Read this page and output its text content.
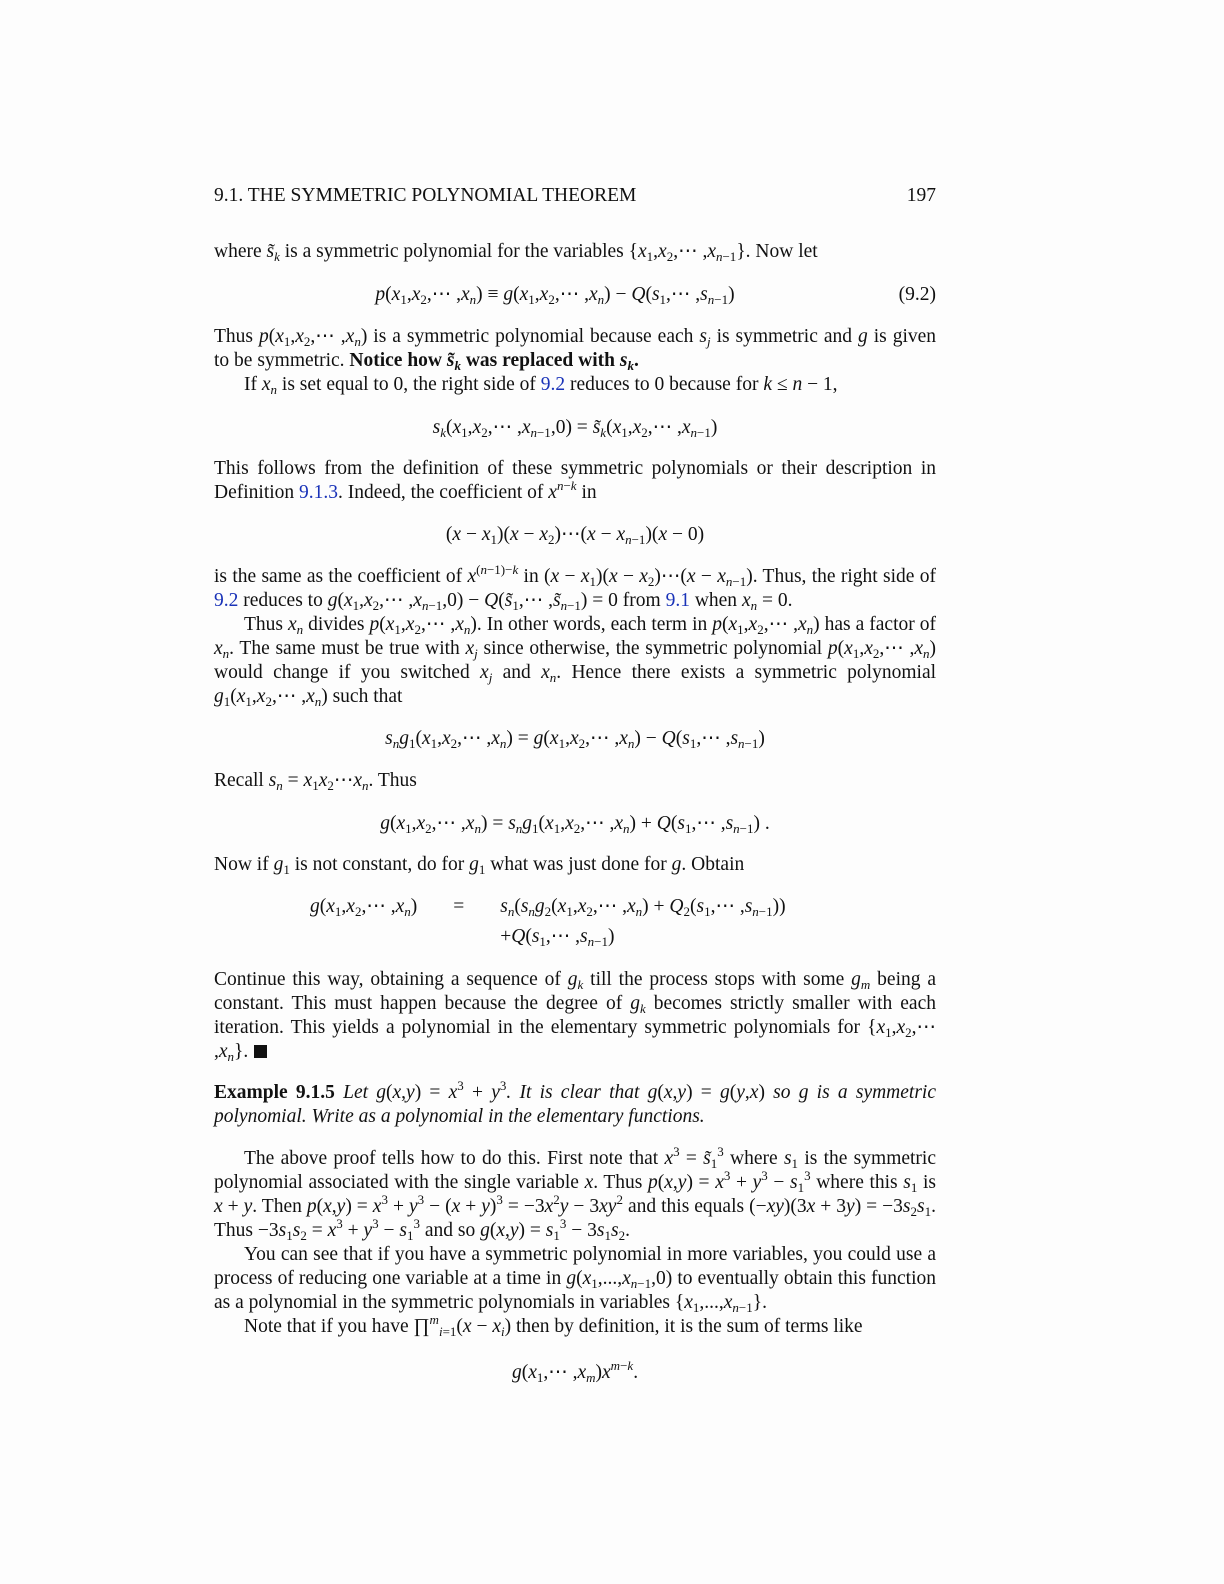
9.1. THE SYMMETRIC POLYNOMIAL THEOREM	197
where $s̃_k$ is a symmetric polynomial for the variables {$x_1,x_2,\cdots$ $,x_{n-1}$}. Now let
$p(x_1,x_2,\cdots$ $,x_n$) ≡ $g(x_1,x_2,\cdots$ $,x_n$) − $Q(s_1,\cdots$ $,s_{n-1}$)	(9.2)
Thus $p(x_1,x_2,\cdots$ $,x_n$) is a symmetric polynomial because each $s_j$ is symmetric and g is given to be symmetric. Notice how $s̃_k$ was replaced with $s_k$.
If $x_n$ is set equal to 0, the right side of 9.2 reduces to 0 because for k ≤ n − 1,
$s_k(x_1,x_2,\cdots$ $,x_{n-1},0$) = $s̃_k(x_1,x_2,\cdots$ $,x_{n-1}$)
This follows from the definition of these symmetric polynomials or their description in Definition 9.1.3. Indeed, the coefficient of $x^{n-k}$ in
$(x - x_1)(x$ − $x_2)\cdots(x - x_{n-1})(x - 0)$
is the same as the coefficient of $x^{(n-1)-k}$ in $(x - x_1)(x$ − $x_2)\cdots(x - x_{n-1})$. Thus, the right side of 9.2 reduces to $g(x_1,x_2,\cdots$ $,x_{n-1},0$) − $Q(s̃_1,\cdots$ $,s̃_{n-1}) = 0$ from 9.1 when $x_n = 0$.
Thus $x_n$ divides $p(x_1,x_2,\cdots$ $,x_n$). In other words, each term in $p(x_1,x_2,\cdots$ $,x_n$) has a factor of $x_n$. The same must be true with $x_j$ since otherwise, the symmetric polynomial $p(x_1,x_2,\cdots$ $,x_n$) would change if you switched $x_j$ and $x_n$. Hence there exists a symmetric polynomial $g_1(x_1,x_2,\cdots$ $,x_n$) such that
$s_ng_1(x_1,x_2,\cdots$ $,x_n$) = $g(x_1,x_2,\cdots$ $,x_n$) − $Q(s_1,\cdots$ $,s_{n-1}$)
Recall $s_n$ = $x_1x_2\cdots x_n$. Thus
$g(x_1,x_2,\cdots$ $,x_n$) = $s_ng_1(x_1,x_2,\cdots$ $,x_n$) + $Q(s_1,\cdots$ $,s_{n-1}$) .
Now if $g_1$ is not constant, do for $g_1$ what was just done for g. Obtain
$g(x_1,x_2,\cdots$ $,x_n$)	=	$s_n(s_ng_2(x_1,x_2,\cdots$ $,x_n$) + $Q_2(s_1,\cdots$ $,s_{n-1}$))
		$+Q(s_1,\cdots$ $,s_{n-1}$)
Continue this way, obtaining a sequence of $g_k$ till the process stops with some $g_m$ being a constant. This must happen because the degree of $g_k$ becomes strictly smaller with each iteration. This yields a polynomial in the elementary symmetric polynomials for {$x_1,x_2,\cdots$ $,x_n$}.
Example 9.1.5 Let $g(x,y) = x^3 + y^3$. It is clear that g(x,y) = g(y,x) so g is a symmetric polynomial. Write as a polynomial in the elementary functions.
The above proof tells how to do this. First note that $x^3$ = $s̃_1^3$ where $s_1$ is the symmetric polynomial associated with the single variable x. Thus $p(x,y) = x^3 + y^3 - s_1^3$ where this $s_1$ is x + y. Then $p(x,y) = x^3 + y^3 - (x + y)^3 = -3x^2y - 3xy^2$ and this equals $(-xy)(3x + 3y) = -3s_2s_1$. Thus $-3s_1s_2 = x^3 + y^3 - s_1^3$ and so $g(x,y) = s_1^3 - 3s_1s_2$.
You can see that if you have a symmetric polynomial in more variables, you could use a process of reducing one variable at a time in $g(x_1,...,x_{n-1},0)$ to eventually obtain this function as a polynomial in the symmetric polynomials in variables $\{x_1,...,x_{n-1}\}$.
Note that if you have ∏$^m_{i=1}$(x − $x_i$) then by definition, it is the sum of terms like
$g(x_1,\cdots$ $,x_m)x^{m-k}$.
